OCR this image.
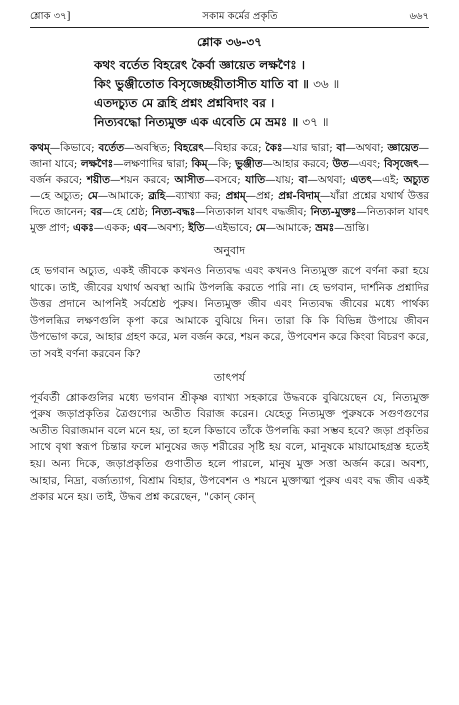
শ্লোক ৩৭]	সকাম কর্মের প্রকৃতি	৬৬৭
শ্লোক ৩৬-৩৭
কথং বর্তেত বিহরেৎ কৈর্বা জ্ঞায়েত লক্ষণৈঃ ।
কিং ভুঞ্জীতোত বিসৃজেচ্ছয়ীতাসীত যাতি বা ॥ ৩৬ ॥
এতদচ্যুত মে ব্রূহি প্রশ্নং প্রশ্নবিদাং বর ।
নিত্যবদ্ধো নিত্যমুক্ত এক এবেতি মে ভ্রমঃ ॥ ৩৭ ॥
কথম্—কিভাবে; বর্তেত—অবস্থিত; বিহরেৎ—বিহার করে; কৈঃ—যার দ্বারা; বা—অথবা; জ্ঞায়েত—জানা যাবে; লক্ষণৈঃ—লক্ষণাদির দ্বারা; কিম্—কি; ভুঞ্জীত—আহার করবে; উত—এবং; বিসৃজেৎ—বর্জন করবে; শয়ীত—শয়ন করবে; আসীত—বসবে; যাতি—যায়; বা—অথবা; এতৎ—এই; অচ্যুত—হে অচ্যুত; মে—আমাকে; ব্রূহি—ব্যাখ্যা কর; প্রশ্নম্—প্রশ্ন; প্রশ্ন-বিদাম্—যাঁরা প্রশ্নের যথার্থ উত্তর দিতে জানেন; বর—হে শ্রেষ্ঠ; নিত্য-বদ্ধঃ—নিত্যকাল যাবৎ বদ্ধজীব; নিত্য-মুক্তঃ—নিত্যকাল যাবৎ মুক্ত প্রাণ; একঃ—একক; এব—অবশ্য; ইতি—এইভাবে; মে—আমাকে; ভ্রমঃ—ভ্রান্তি।
অনুবাদ
হে ভগবান অচ্যুত, একই জীবকে কখনও নিত্যবদ্ধ এবং কখনও নিত্যমুক্ত রূপে বর্ণনা করা হয়ে থাকে। তাই, জীবের যথার্থ অবস্থা আমি উপলব্ধি করতে পারি না। হে ভগবান, দার্শনিক প্রশ্নাদির উত্তর প্রদানে আপনিই সর্বশ্রেষ্ঠ পুরুষ। নিত্যমুক্ত জীব এবং নিত্যবদ্ধ জীবের মধ্যে পার্থক্য উপলব্ধির লক্ষণগুলি কৃপা করে আমাকে বুঝিয়ে দিন। তারা কি কি বিভিন্ন উপায়ে জীবন উপভোগ করে, আহার গ্রহণ করে, মল বর্জন করে, শয়ন করে, উপবেশন করে কিংবা বিচরণ করে, তা সবই বর্ণনা করবেন কি?
তাৎপর্য
পূর্ববর্তী শ্লোকগুলির মধ্যে ভগবান শ্রীকৃষ্ণ ব্যাখ্যা সহকারে উদ্ধবকে বুঝিয়েছেন যে, নিত্যমুক্ত পুরুষ জড়াপ্রকৃতির ত্রৈগুণ্যের অতীত বিরাজ করেন। যেহেতু নিত্যমুক্ত পুরুষকে সগুণগুণের অতীত বিরাজমান বলে মনে হয়, তা হলে কিভাবে তাঁকে উপলব্ধি করা সম্ভব হবে? জড়া প্রকৃতির সাথে বৃথা স্বরূপ চিন্তার ফলে মানুষের জড় শরীরের সৃষ্টি হয় বলে, মানুষকে মায়ামোহগ্রস্ত হতেই হয়। অন্য দিকে, জড়াপ্রকৃতির গুণাতীত হলে পারলে, মানুষ মুক্ত সত্তা অর্জন করে। অবশ্য, আহার, নিদ্রা, বর্জ্যত্যাগ, বিশ্রাম বিহার, উপবেশন ও শয়নে মুক্তাত্মা পুরুষ এবং বদ্ধ জীব একই প্রকার মনে হয়। তাই, উদ্ধব প্রশ্ন করেছেন, "কোন্ কোন্
